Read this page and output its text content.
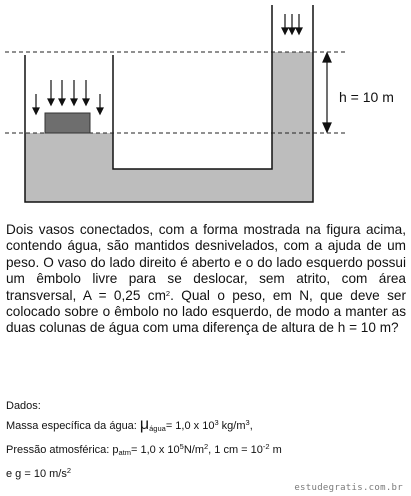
h = 10 m

Dois vasos conectados, com a forma mostrada na figura acima, contendo água, são mantidos desnivelados, com a ajuda de um peso. O vaso do lado direito é aberto e o do lado esquerdo possui um êmbolo livre para se deslocar, sem atrito, com área transversal, A = 0,25 $cm^2$. Qual o peso, em N, que deve ser colocado sobre o êmbolo no lado esquerdo, de modo a manter as duas colunas de água com uma diferença de altura de h = 10 m?

Dados:

Massa específica da água: $\mu_{água}= 1,0$ x $10^3$ $kg/m^3$,

Pressão atmosférica: $p_{atm}= 1,0$ x $10^5N/m^2$, 1 cm = $10^{-2}$ m

e g = 10 $m/s^2$

estudegratis.com.br
